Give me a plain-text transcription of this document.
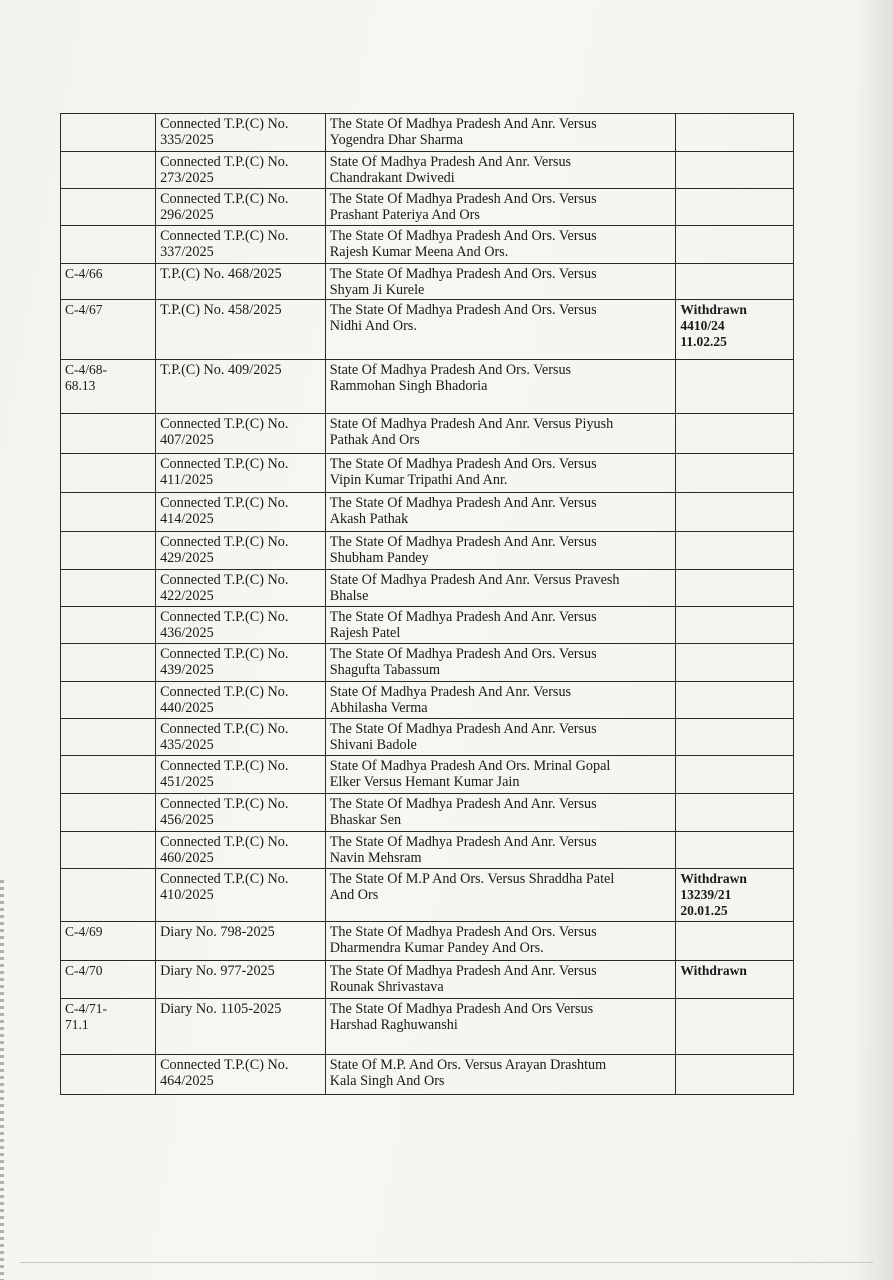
	Connected T.P.(C) No.
335/2025	The State Of Madhya Pradesh And Anr. Versus
Yogendra Dhar Sharma	

	Connected T.P.(C) No.
273/2025	State Of Madhya Pradesh And Anr. Versus
Chandrakant Dwivedi	

	Connected T.P.(C) No.
296/2025	The State Of Madhya Pradesh And Ors. Versus
Prashant Pateriya And Ors	

	Connected T.P.(C) No.
337/2025	The State Of Madhya Pradesh And Ors. Versus
Rajesh Kumar Meena And Ors.	

C-4/66	T.P.(C) No. 468/2025	The State Of Madhya Pradesh And Ors. Versus
Shyam Ji Kurele	

C-4/67	T.P.(C) No. 458/2025	The State Of Madhya Pradesh And Ors. Versus
Nidhi And Ors.	Withdrawn
4410/24
11.02.25

C-4/68-
68.13	T.P.(C) No. 409/2025	State Of Madhya Pradesh And Ors. Versus
Rammohan Singh Bhadoria	

	Connected T.P.(C) No.
407/2025	State Of Madhya Pradesh And Anr. Versus Piyush
Pathak And Ors	

	Connected T.P.(C) No.
411/2025	The State Of Madhya Pradesh And Ors. Versus
Vipin Kumar Tripathi And Anr.	

	Connected T.P.(C) No.
414/2025	The State Of Madhya Pradesh And Anr. Versus
Akash Pathak	

	Connected T.P.(C) No.
429/2025	The State Of Madhya Pradesh And Anr. Versus
Shubham Pandey	

	Connected T.P.(C) No.
422/2025	State Of Madhya Pradesh And Anr. Versus Pravesh
Bhalse	

	Connected T.P.(C) No.
436/2025	The State Of Madhya Pradesh And Anr. Versus
Rajesh Patel	

	Connected T.P.(C) No.
439/2025	The State Of Madhya Pradesh And Ors. Versus
Shagufta Tabassum	

	Connected T.P.(C) No.
440/2025	State Of Madhya Pradesh And Anr. Versus
Abhilasha Verma	

	Connected T.P.(C) No.
435/2025	The State Of Madhya Pradesh And Anr. Versus
Shivani Badole	

	Connected T.P.(C) No.
451/2025	State Of Madhya Pradesh And Ors. Mrinal Gopal
Elker Versus Hemant Kumar Jain	

	Connected T.P.(C) No.
456/2025	The State Of Madhya Pradesh And Anr. Versus
Bhaskar Sen	

	Connected T.P.(C) No.
460/2025	The State Of Madhya Pradesh And Anr. Versus
Navin Mehsram	

	Connected T.P.(C) No.
410/2025	The State Of M.P And Ors. Versus Shraddha Patel
And Ors	Withdrawn
13239/21
20.01.25

C-4/69	Diary No. 798-2025	The State Of Madhya Pradesh And Ors. Versus
Dharmendra Kumar Pandey And Ors.	

C-4/70	Diary No. 977-2025	The State Of Madhya Pradesh And Anr. Versus
Rounak Shrivastava	Withdrawn

C-4/71-
71.1	Diary No. 1105-2025	The State Of Madhya Pradesh And Ors Versus
Harshad Raghuwanshi	

	Connected T.P.(C) No.
464/2025	State Of M.P. And Ors. Versus Arayan Drashtum
Kala Singh And Ors	
